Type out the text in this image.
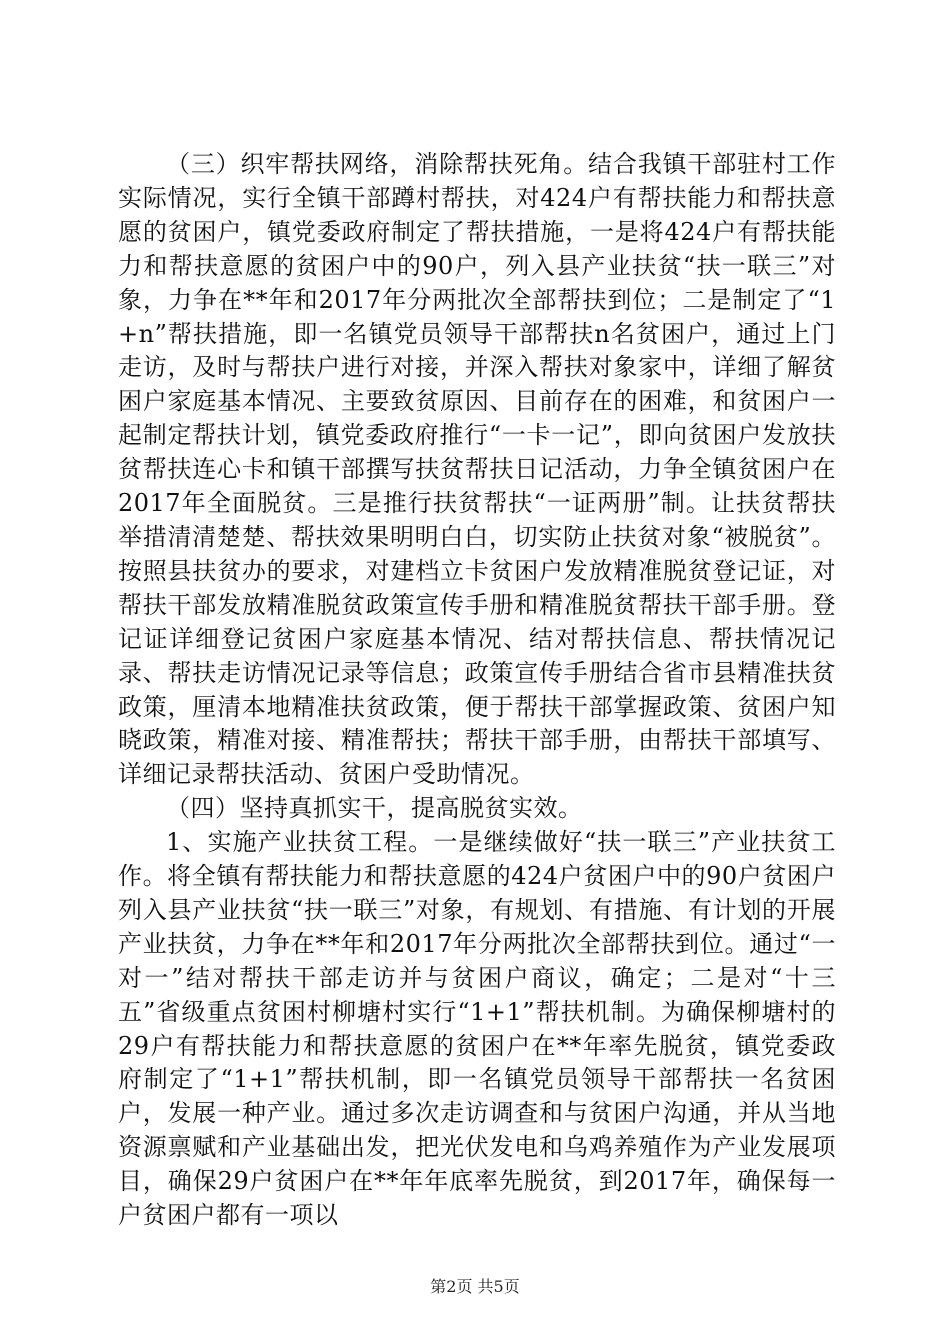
（三）织牢帮扶网络，消除帮扶死角。结合我镇干部驻村工作实际情况，实行全镇干部蹲村帮扶，对424户有帮扶能力和帮扶意愿的贫困户，镇党委政府制定了帮扶措施，一是将424户有帮扶能力和帮扶意愿的贫困户中的90户，列入县产业扶贫“扶一联三”对象，力争在**年和2017年分两批次全部帮扶到位；二是制定了“1+n”帮扶措施，即一名镇党员领导干部帮扶n名贫困户，通过上门走访，及时与帮扶户进行对接，并深入帮扶对象家中，详细了解贫困户家庭基本情况、主要致贫原因、目前存在的困难，和贫困户一起制定帮扶计划，镇党委政府推行“一卡一记”，即向贫困户发放扶贫帮扶连心卡和镇干部撰写扶贫帮扶日记活动，力争全镇贫困户在2017年全面脱贫。三是推行扶贫帮扶“一证两册”制。让扶贫帮扶举措清清楚楚、帮扶效果明明白白，切实防止扶贫对象“被脱贫”。按照县扶贫办的要求，对建档立卡贫困户发放精准脱贫登记证，对帮扶干部发放精准脱贫政策宣传手册和精准脱贫帮扶干部手册。登记证详细登记贫困户家庭基本情况、结对帮扶信息、帮扶情况记录、帮扶走访情况记录等信息；政策宣传手册结合省市县精准扶贫政策，厘清本地精准扶贫政策，便于帮扶干部掌握政策、贫困户知晓政策，精准对接、精准帮扶；帮扶干部手册，由帮扶干部填写、详细记录帮扶活动、贫困户受助情况。

（四）坚持真抓实干，提高脱贫实效。

1、实施产业扶贫工程。一是继续做好“扶一联三”产业扶贫工作。将全镇有帮扶能力和帮扶意愿的424户贫困户中的90户贫困户列入县产业扶贫“扶一联三”对象，有规划、有措施、有计划的开展产业扶贫，力争在**年和2017年分两批次全部帮扶到位。通过“一对一”结对帮扶干部走访并与贫困户商议，确定；二是对“十三五”省级重点贫困村柳塘村实行“1+1”帮扶机制。为确保柳塘村的29户有帮扶能力和帮扶意愿的贫困户在**年率先脱贫，镇党委政府制定了“1+1”帮扶机制，即一名镇党员领导干部帮扶一名贫困户，发展一种产业。通过多次走访调查和与贫困户沟通，并从当地资源禀赋和产业基础出发，把光伏发电和乌鸡养殖作为产业发展项目，确保29户贫困户在**年年底率先脱贫，到2017年，确保每一户贫困户都有一项以

第2页 共5页
